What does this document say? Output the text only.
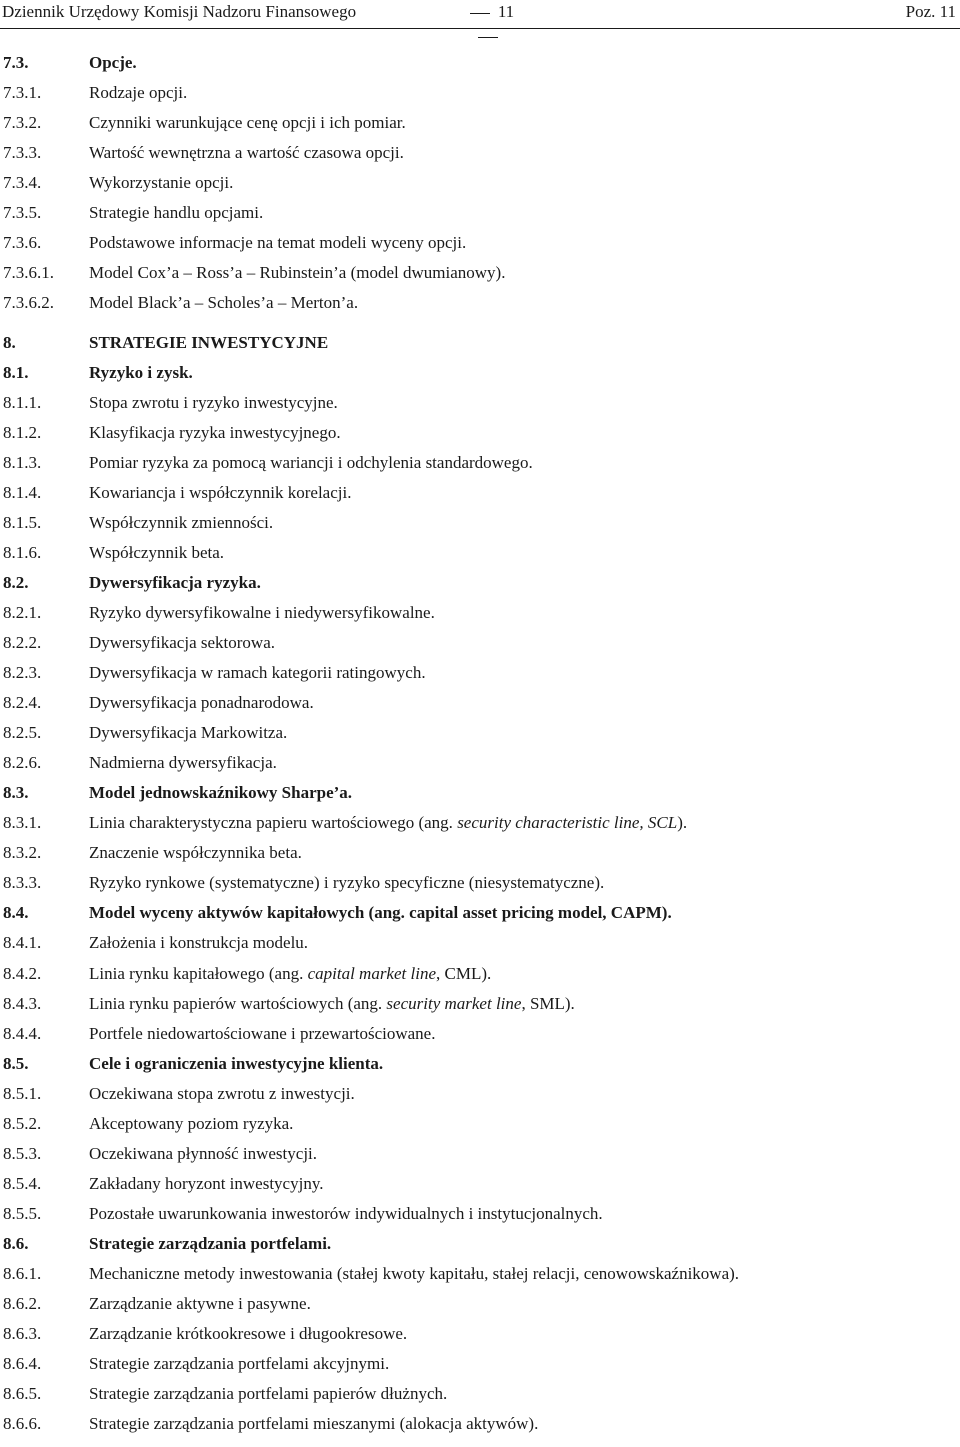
Dziennik Urzędowy Komisji Nadzoru Finansowego	11	Poz. 11
7.3.	Opcje.
7.3.1.	Rodzaje opcji.
7.3.2.	Czynniki warunkujące cenę opcji i ich pomiar.
7.3.3.	Wartość wewnętrzna a wartość czasowa opcji.
7.3.4.	Wykorzystanie opcji.
7.3.5.	Strategie handlu opcjami.
7.3.6.	Podstawowe informacje na temat modeli wyceny opcji.
7.3.6.1. Model Cox’a – Ross’a – Rubinstein’a (model dwumianowy).
7.3.6.2. Model Black’a – Scholes’a – Merton’a.
8.	STRATEGIE INWESTYCYJNE
8.1.	Ryzyko i zysk.
8.1.1.	Stopa zwrotu i ryzyko inwestycyjne.
8.1.2.	Klasyfikacja ryzyka inwestycyjnego.
8.1.3.	Pomiar ryzyka za pomocą wariancji i odchylenia standardowego.
8.1.4.	Kowariancja i współczynnik korelacji.
8.1.5.	Współczynnik zmienności.
8.1.6.	Współczynnik beta.
8.2.	Dywersyfikacja ryzyka.
8.2.1.	Ryzyko dywersyfikowalne i niedywersyfikowalne.
8.2.2.	Dywersyfikacja sektorowa.
8.2.3.	Dywersyfikacja w ramach kategorii ratingowych.
8.2.4.	Dywersyfikacja ponadnarodowa.
8.2.5.	Dywersyfikacja Markowitza.
8.2.6.	Nadmierna dywersyfikacja.
8.3.	Model jednowskaźnikowy Sharpe’a.
8.3.1.	Linia charakterystyczna papieru wartościowego (ang. security characteristic line, SCL).
8.3.2.	Znaczenie współczynnika beta.
8.3.3.	Ryzyko rynkowe (systematyczne) i ryzyko specyficzne (niesystematyczne).
8.4.	Model wyceny aktywów kapitałowych (ang. capital asset pricing model, CAPM).
8.4.1.	Założenia i konstrukcja modelu.
8.4.2.	Linia rynku kapitałowego (ang. capital market line, CML).
8.4.3.	Linia rynku papierów wartościowych (ang. security market line, SML).
8.4.4.	Portfele niedowartościowane i przewartościowane.
8.5.	Cele i ograniczenia inwestycyjne klienta.
8.5.1.	Oczekiwana stopa zwrotu z inwestycji.
8.5.2.	Akceptowany poziom ryzyka.
8.5.3.	Oczekiwana płynność inwestycji.
8.5.4.	Zakładany horyzont inwestycyjny.
8.5.5.	Pozostałe uwarunkowania inwestorów indywidualnych i instytucjonalnych.
8.6.	Strategie zarządzania portfelami.
8.6.1.	Mechaniczne metody inwestowania (stałej kwoty kapitału, stałej relacji, cenowowskaźnikowa).
8.6.2.	Zarządzanie aktywne i pasywne.
8.6.3.	Zarządzanie krótkookresowe i długookresowe.
8.6.4.	Strategie zarządzania portfelami akcyjnymi.
8.6.5.	Strategie zarządzania portfelami papierów dłużnych.
8.6.6.	Strategie zarządzania portfelami mieszanymi (alokacja aktywów).
